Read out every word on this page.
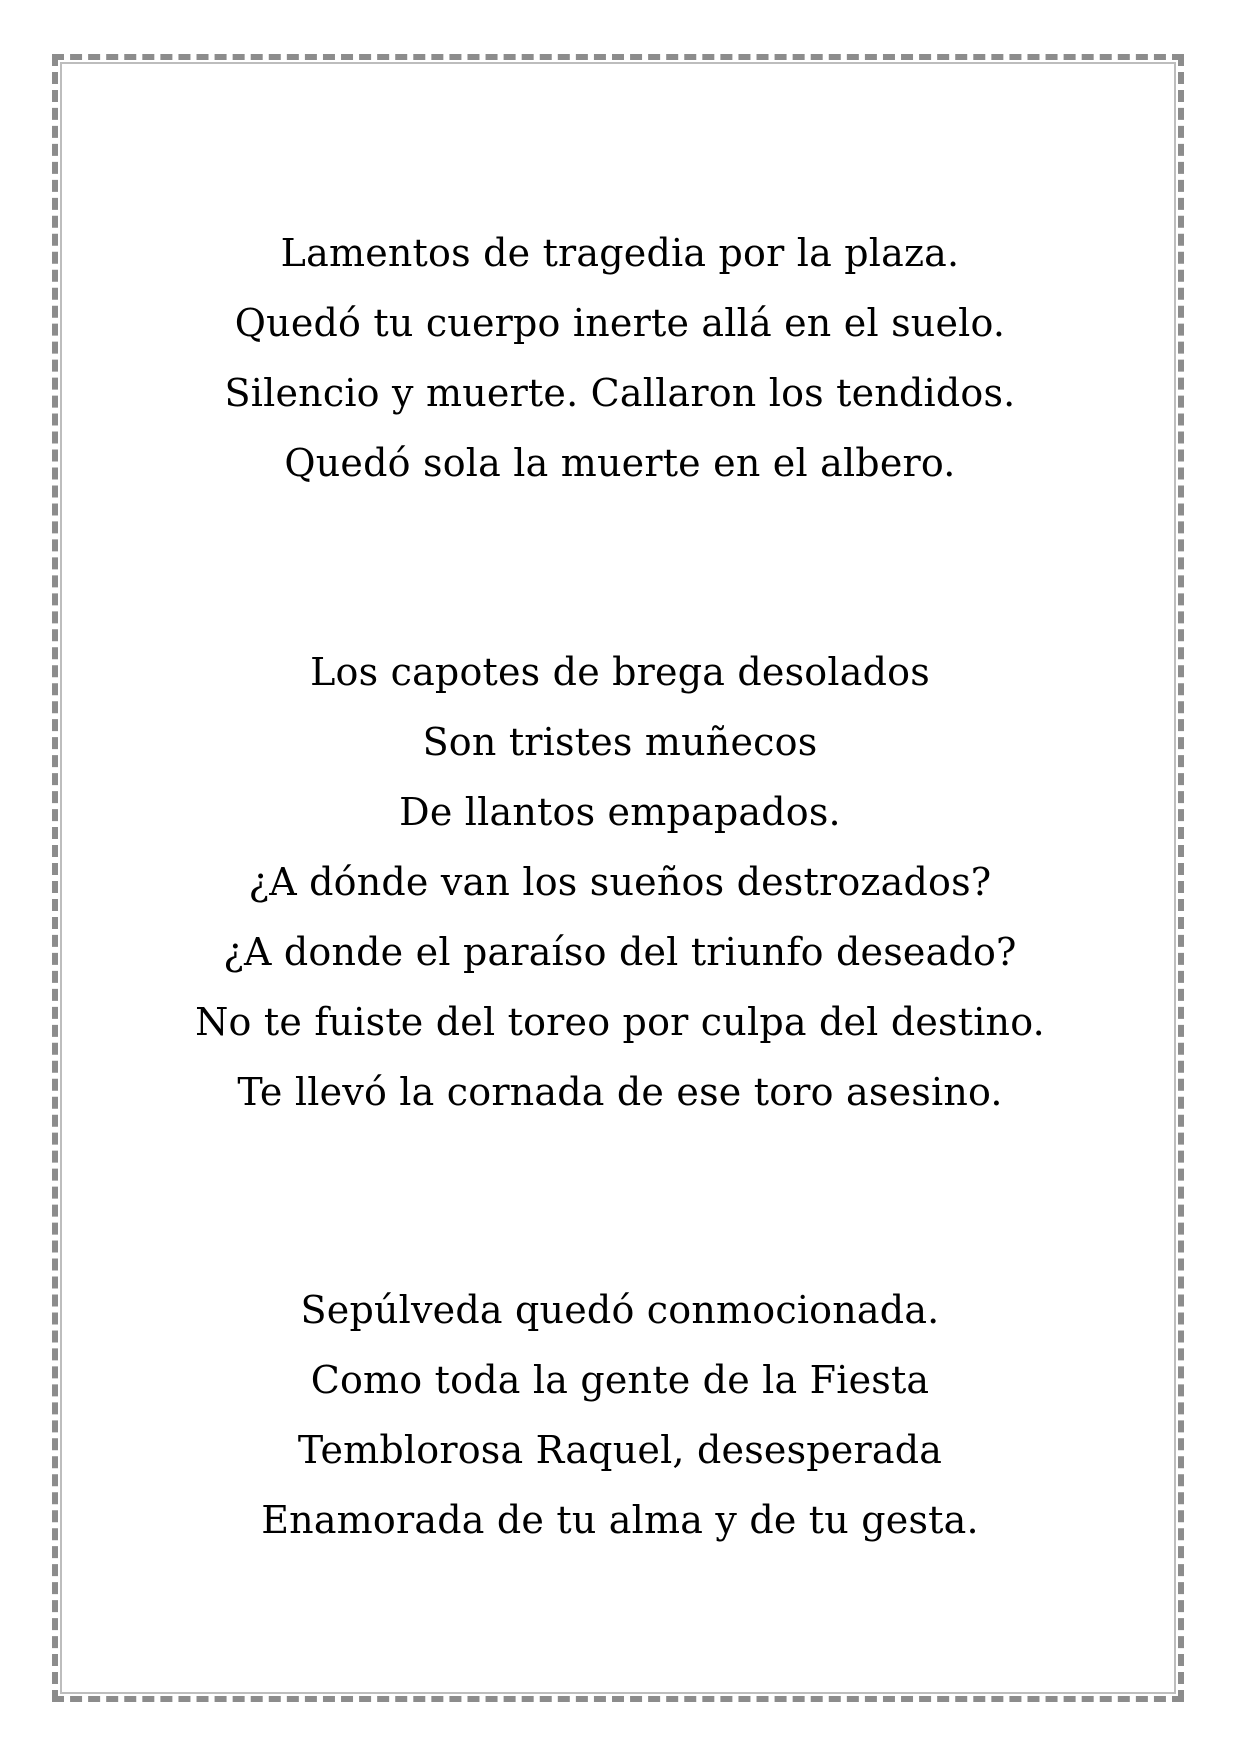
Lamentos de tragedia por la plaza.
Quedó tu cuerpo inerte allá en el suelo.
Silencio y muerte. Callaron los tendidos.
Quedó sola la muerte en el albero.
Los capotes de brega desolados
Son tristes muñecos
De llantos empapados.
¿A dónde van los sueños destrozados?
¿A donde el paraíso del triunfo deseado?
No te fuiste del toreo por culpa del destino.
Te llevó la cornada de ese toro asesino.
Sepúlveda quedó conmocionada.
Como toda la gente de la Fiesta
Temblorosa Raquel, desesperada
Enamorada de tu alma y de tu gesta.
